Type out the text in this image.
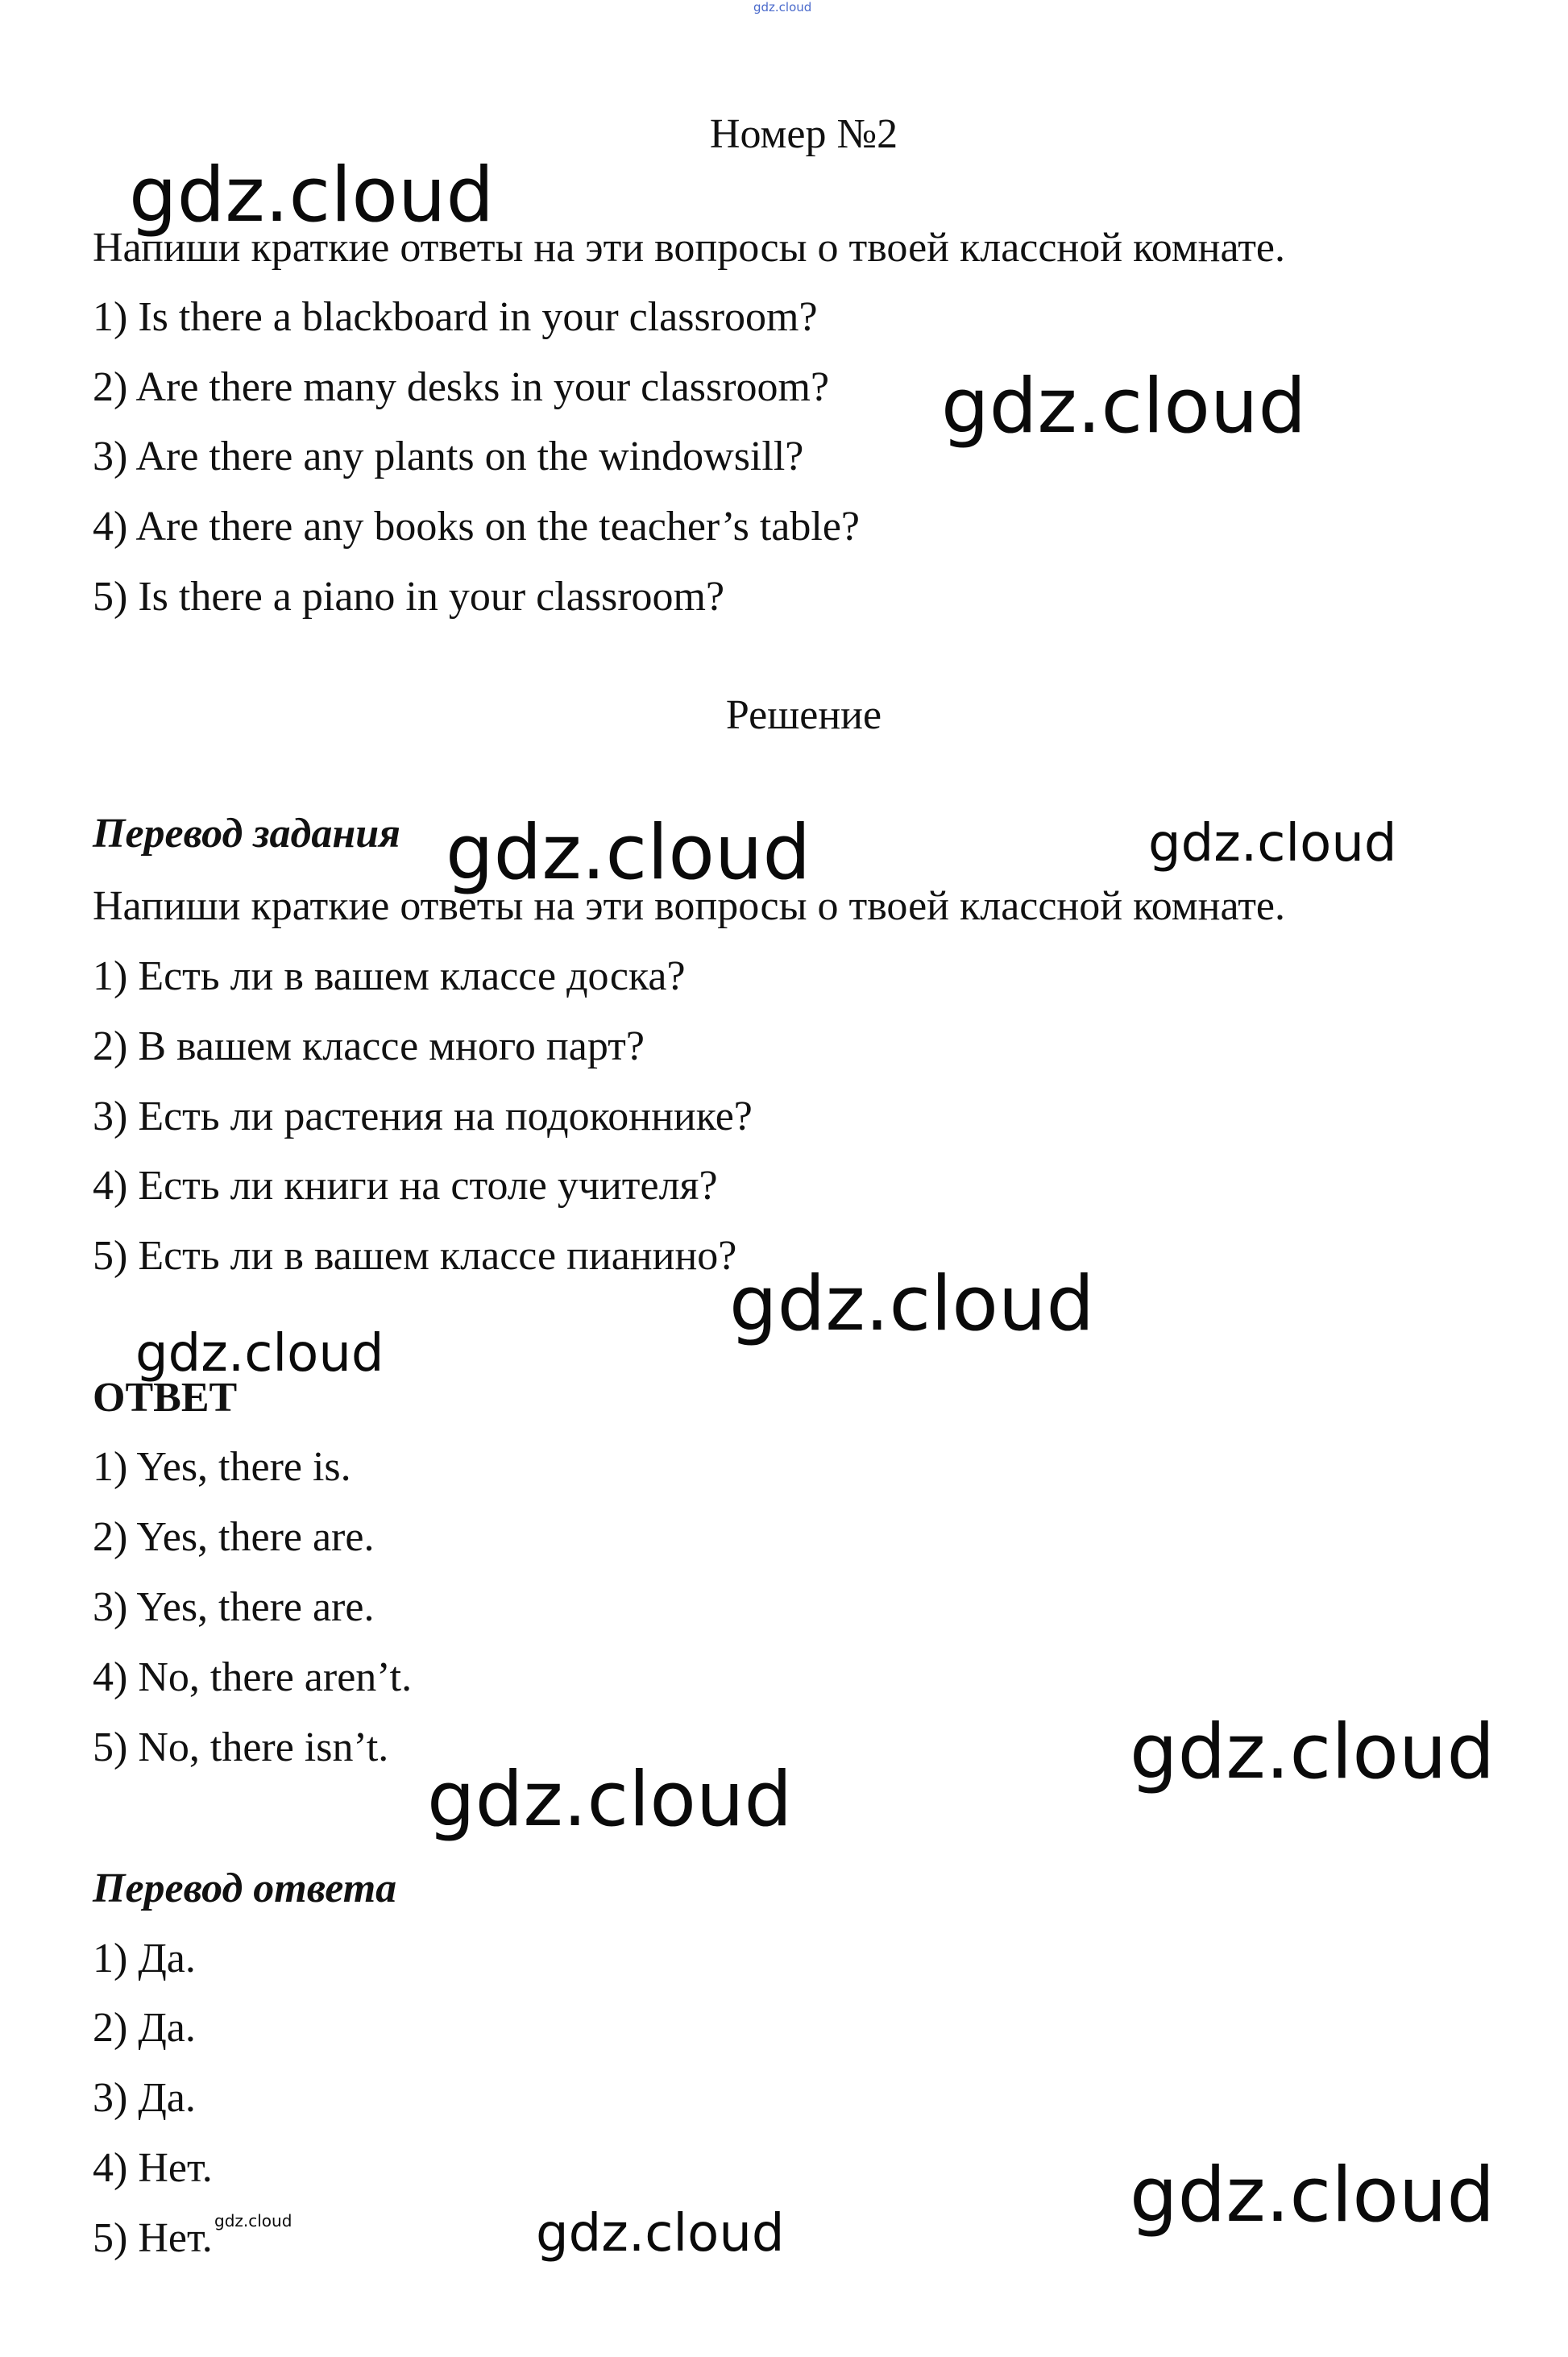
gdz.cloud

Номер №2

Напиши краткие ответы на эти вопросы о твоей классной комнате.

1) Is there a blackboard in your classroom?

2) Are there many desks in your classroom?

3) Are there any plants on the windowsill?

4) Are there any books on the teacher’s table?

5) Is there a piano in your classroom?

Решение

Перевод задания

Напиши краткие ответы на эти вопросы о твоей классной комнате.

1) Есть ли в вашем классе доска?

2) В вашем классе много парт?

3) Есть ли растения на подоконнике?

4) Есть ли книги на столе учителя?

5) Есть ли в вашем классе пианино?

ОТВЕТ

1) Yes, there is.

2) Yes, there are.

3) Yes, there are.

4) No, there aren’t.

5) No, there isn’t.

Перевод ответа

1) Да.

2) Да.

3) Да.

4) Нет.

5) Нет.

gdz.cloud
gdz.cloud
gdz.cloud	gdz.cloud
gdz.cloud
gdz.cloud
gdz.cloud
gdz.cloud
gdz.cloud
gdz.cloud
gdz.cloud
